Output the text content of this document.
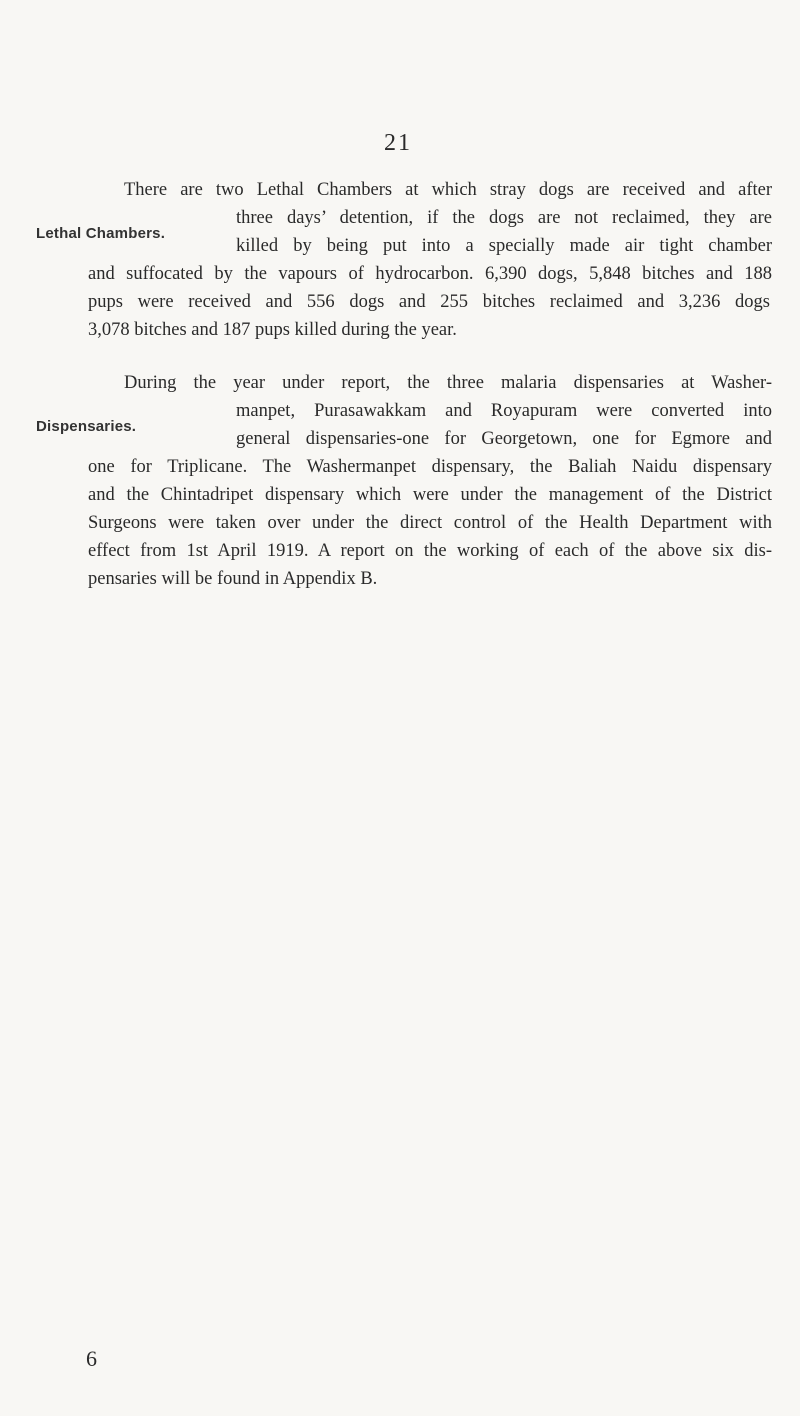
21
Lethal Chambers.
There are two Lethal Chambers at which stray dogs are received and after
three days’ detention, if the dogs are not reclaimed, they are
killed by being put into a specially made air tight chamber
and suffocated by the vapours of hydrocarbon. 6,390 dogs, 5,848 bitches and 188
pups were received and 556 dogs and 255 bitches reclaimed and 3,236 dogs
3,078 bitches and 187 pups killed during the year.
Dispensaries.
During the year under report, the three malaria dispensaries at Washer-
manpet, Purasawakkam and Royapuram were converted into
general dispensaries-one for Georgetown, one for Egmore and
one for Triplicane. The Washermanpet dispensary, the Baliah Naidu dispensary
and the Chintadripet dispensary which were under the management of the District
Surgeons were taken over under the direct control of the Health Department with
effect from 1st April 1919. A report on the working of each of the above six dis-
pensaries will be found in Appendix B.
6
